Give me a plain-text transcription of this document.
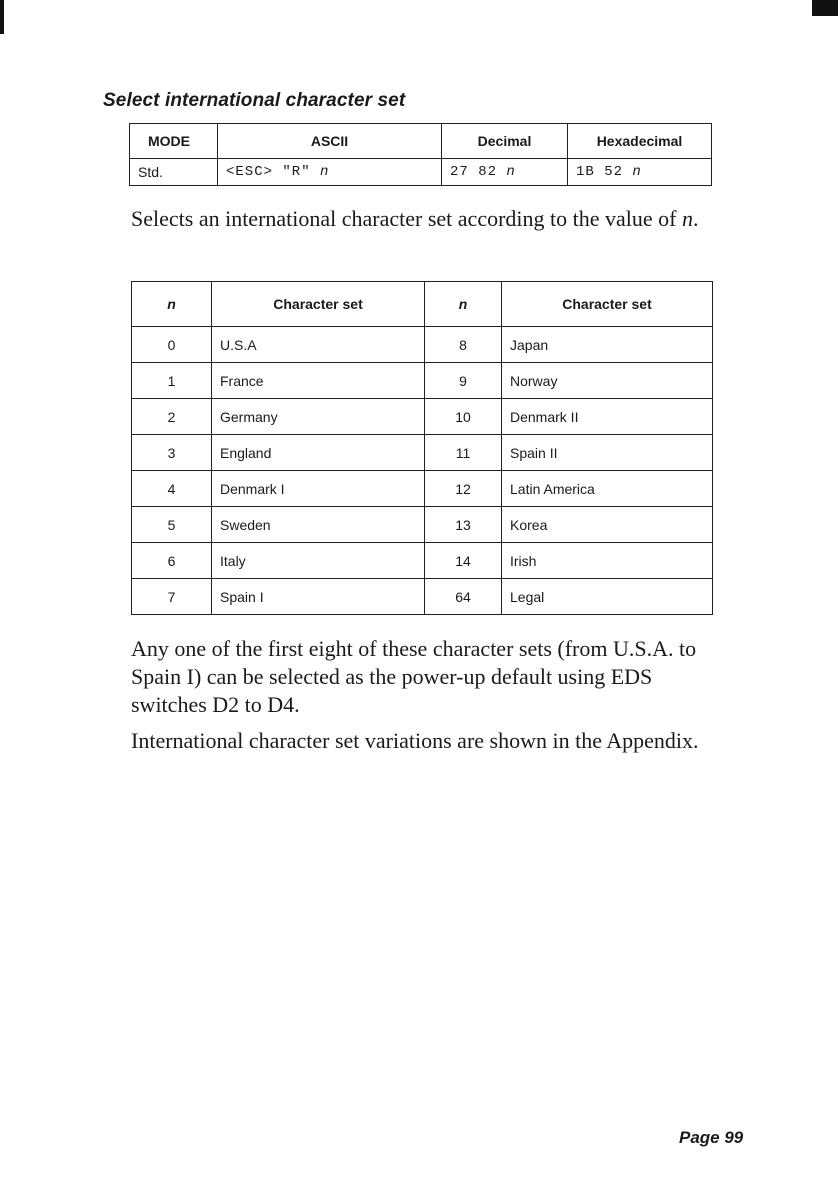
Select international character set
MODE	ASCII	Decimal	Hexadecimal
Std.	<ESC> "R" n	27 82 n	1B 52 n
Selects an international character set according to the value of n.
n	Character set	n	Character set
0	U.S.A	8	Japan
1	France	9	Norway
2	Germany	10	Denmark II
3	England	11	Spain II
4	Denmark I	12	Latin America
5	Sweden	13	Korea
6	Italy	14	Irish
7	Spain I	64	Legal
Any one of the first eight of these character sets (from U.S.A. to Spain I) can be selected as the power-up default using EDS switches D2 to D4.
International character set variations are shown in the Appendix.
Page 99
